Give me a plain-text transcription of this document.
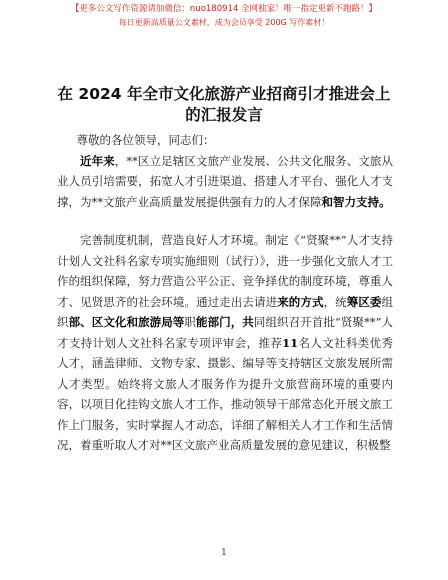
【更多公文写作资源请加微信：nuo180914 全网独家！唯一指定更新不跑路！】
每日更新高质量公文素材，成为会员享受 200G 写作素材！
在 2024 年全市文化旅游产业招商引才推进会上
的汇报发言

尊敬的各位领导，同志们：

近年来，**区立足辖区文旅产业发展、公共文化服务、文旅从业人员引培需要，拓宽人才引进渠道、搭建人才平台、强化人才支撑，为**文旅产业高质量发展提供强有力的人才保障和智力支持。

完善制度机制，营造良好人才环境。制定《“贤聚**”人才支持计划人文社科名家专项实施细则（试行）》，进一步强化文旅人才工作的组织保障，努力营造公平公正、竞争择优的制度环境，尊重人才、见贤思齐的社会环境。通过走出去请进来的方式，统筹区委组织部、区文化和旅游局等职能部门，共同组织召开首批“贤聚**”人才支持计划人文社科名家专项评审会，推荐11名人文社科类优秀人才，涵盖律师、文物专家、摄影、编导等支持辖区文旅发展所需人才类型。始终将文旅人才服务作为提升文旅营商环境的重要内容，以项目化挂钩文旅人才工作，推动领导干部常态化开展文旅工作上门服务，实时掌握人才动态，详细了解相关人才工作和生活情况，着重听取人才对**区文旅产业高质量发展的意见建议，积极整

1
